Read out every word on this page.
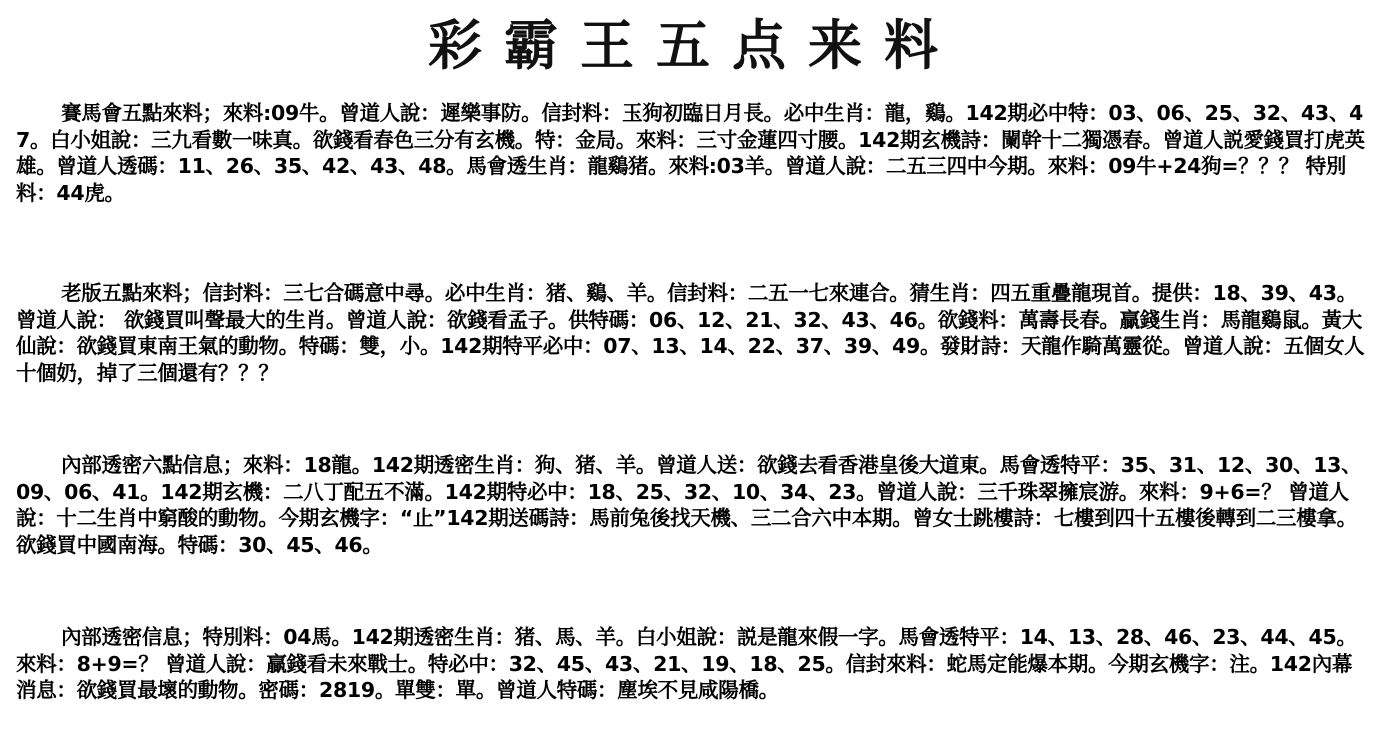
彩霸王五点来料
賽馬會五點來料；來料:09牛。曾道人說：遲樂事防。信封料：玉狗初臨日月長。必中生肖：龍，鷄。142期必中特：03、06、25、32、43、47。白小姐說：三九看數一味真。欲錢看春色三分有玄機。特：金局。來料：三寸金蓮四寸腰。142期玄機詩：闌幹十二獨憑春。曾道人説愛錢買打虎英雄。曾道人透碼：11、26、35、42、43、48。馬會透生肖：龍鷄猪。來料:03羊。曾道人說：二五三四中今期。來料：09牛+24狗=？？？ 特別料：44虎。
老版五點來料；信封料：三七合碼意中尋。必中生肖：猪、鷄、羊。信封料：二五一七來連合。猜生肖：四五重疊龍現首。提供：18、39、43。曾道人說： 欲錢買叫聲最大的生肖。曾道人說：欲錢看孟子。供特碼：06、12、21、32、43、46。欲錢料：萬壽長春。贏錢生肖：馬龍鷄鼠。黃大仙說：欲錢買東南王氣的動物。特碼：雙，小。142期特平必中：07、13、14、22、37、39、49。發財詩：天龍作騎萬靈從。曾道人說：五個女人十個奶，掉了三個還有？？？
內部透密六點信息；來料：18龍。142期透密生肖：狗、猪、羊。曾道人送：欲錢去看香港皇後大道東。馬會透特平：35、31、12、30、13、09、06、41。142期玄機：二八丁配五不滿。142期特必中：18、25、32、10、34、23。曾道人說：三千珠翠擁宸游。來料：9+6=？ 曾道人說：十二生肖中窮酸的動物。今期玄機字：“止”142期送碼詩：馬前兔後找天機、三二合六中本期。曾女士跳樓詩：七樓到四十五樓後轉到二三樓拿。欲錢買中國南海。特碼：30、45、46。
內部透密信息；特別料：04馬。142期透密生肖：猪、馬、羊。白小姐說：説是龍來假一字。馬會透特平：14、13、28、46、23、44、45。來料：8+9=？ 曾道人說：贏錢看未來戰士。特必中：32、45、43、21、19、18、25。信封來料：蛇馬定能爆本期。今期玄機字：注。142內幕消息：欲錢買最壞的動物。密碼：2819。單雙：單。曾道人特碼：塵埃不見咸陽橋。
